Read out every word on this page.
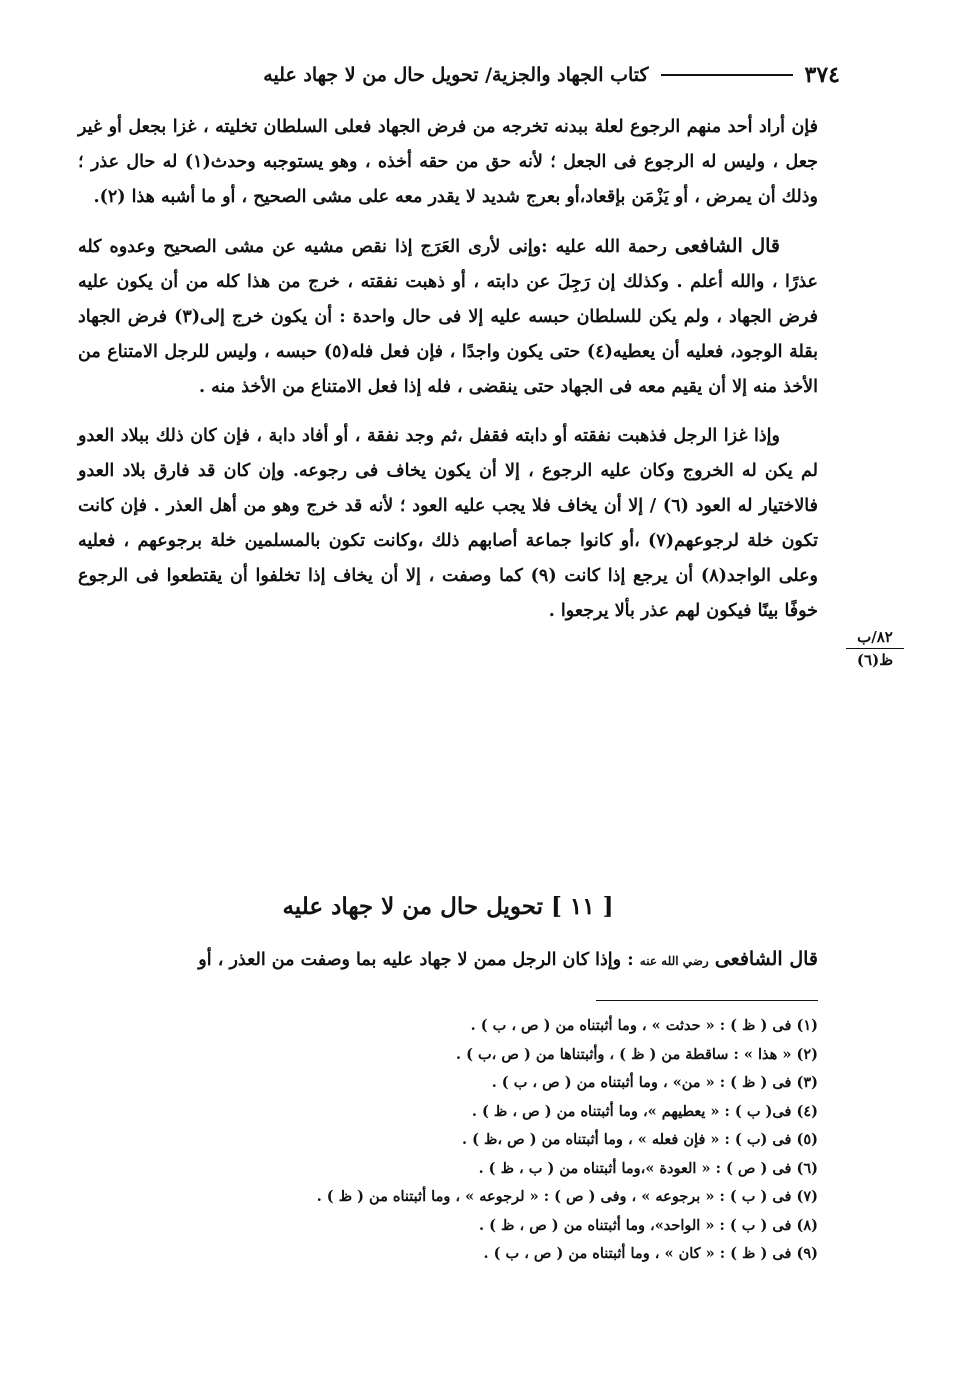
٣٧٤
كتاب الجهاد والجزية/ تحويل حال من لا جهاد عليه

فإن أراد أحد منهم الرجوع لعلة ببدنه تخرجه من فرض الجهاد فعلى السلطان تخليته ، غزا بجعل أو غير جعل ، وليس له الرجوع فى الجعل ؛ لأنه حق من حقه أخذه ، وهو يستوجبه وحدث(١) له حال عذر ؛ وذلك أن يمرض ، أو يَزْمَن بإقعاد،أو بعرج شديد لا يقدر معه على مشى الصحيح ، أو ما أشبه هذا (٢).

قال الشافعى رحمة الله عليه :وإنى لأرى العَرَج إذا نقص مشيه عن مشى الصحيح وعدوه كله عذرًا ، والله أعلم . وكذلك إن رَجِلَ عن دابته ، أو ذهبت نفقته ، خرج من هذا كله من أن يكون عليه فرض الجهاد ، ولم يكن للسلطان حبسه عليه إلا فى حال واحدة : أن يكون خرج إلى(٣) فرض الجهاد بقلة الوجود، فعليه أن يعطيه(٤) حتى يكون واجدًا ، فإن فعل فله(٥) حبسه ، وليس للرجل الامتناع من الأخذ منه إلا أن يقيم معه فى الجهاد حتى ينقضى ، فله إذا فعل الامتناع من الأخذ منه .

وإذا غزا الرجل فذهبت نفقته أو دابته فقفل ،ثم وجد نفقة ، أو أفاد دابة ، فإن كان ذلك ببلاد العدو لم يكن له الخروج وكان عليه الرجوع ، إلا أن يكون يخاف فى رجوعه. وإن كان قد فارق بلاد العدو فالاختيار له العود (٦) / إلا أن يخاف فلا يجب عليه العود ؛ لأنه قد خرج وهو من أهل العذر . فإن كانت تكون خلة لرجوعهم(٧) ،أو كانوا جماعة أصابهم ذلك ،وكانت تكون بالمسلمين خلة برجوعهم ، فعليه وعلى الواجد(٨) أن يرجع إذا كانت (٩) كما وصفت ، إلا أن يخاف إذا تخلفوا أن يقتطعوا فى الرجوع خوفًا بينًا فيكون لهم عذر بألا يرجعوا .

٨٢/ب
ظ(٦)
[ ١١ ] تحويل حال من لا جهاد عليه
قال الشافعى رضي الله عنه : وإذا كان الرجل ممن لا جهاد عليه بما وصفت من العذر ، أو
(١) فى ( ظ ) : « حدثت » ، وما أثبتناه من ( ص ، ب ) .
(٢) « هذا » : ساقطة من ( ظ ) ، وأثبتناها من ( ص ،ب ) .
(٣) فى ( ظ ) : « من» ، وما أثبتناه من ( ص ، ب ) .
(٤) فى( ب ) : « يعطيهم »، وما أثبتناه من ( ص ، ظ ) .
(٥) فى (ب ) : « فإن فعله » ، وما أثبتناه من ( ص ،ظ ) .
(٦) فى ( ص ) : « العودة »،وما أثبتناه من ( ب ، ظ ) .
(٧) فى ( ب ) : « برجوعه » ، وفى ( ص ) : « لرجوعه » ، وما أثبتناه من ( ظ ) .
(٨) فى ( ب ) : « الواحد»، وما أثبتناه من ( ص ، ظ ) .
(٩) فى ( ظ ) : « كان » ، وما أثبتناه من ( ص ، ب ) .
